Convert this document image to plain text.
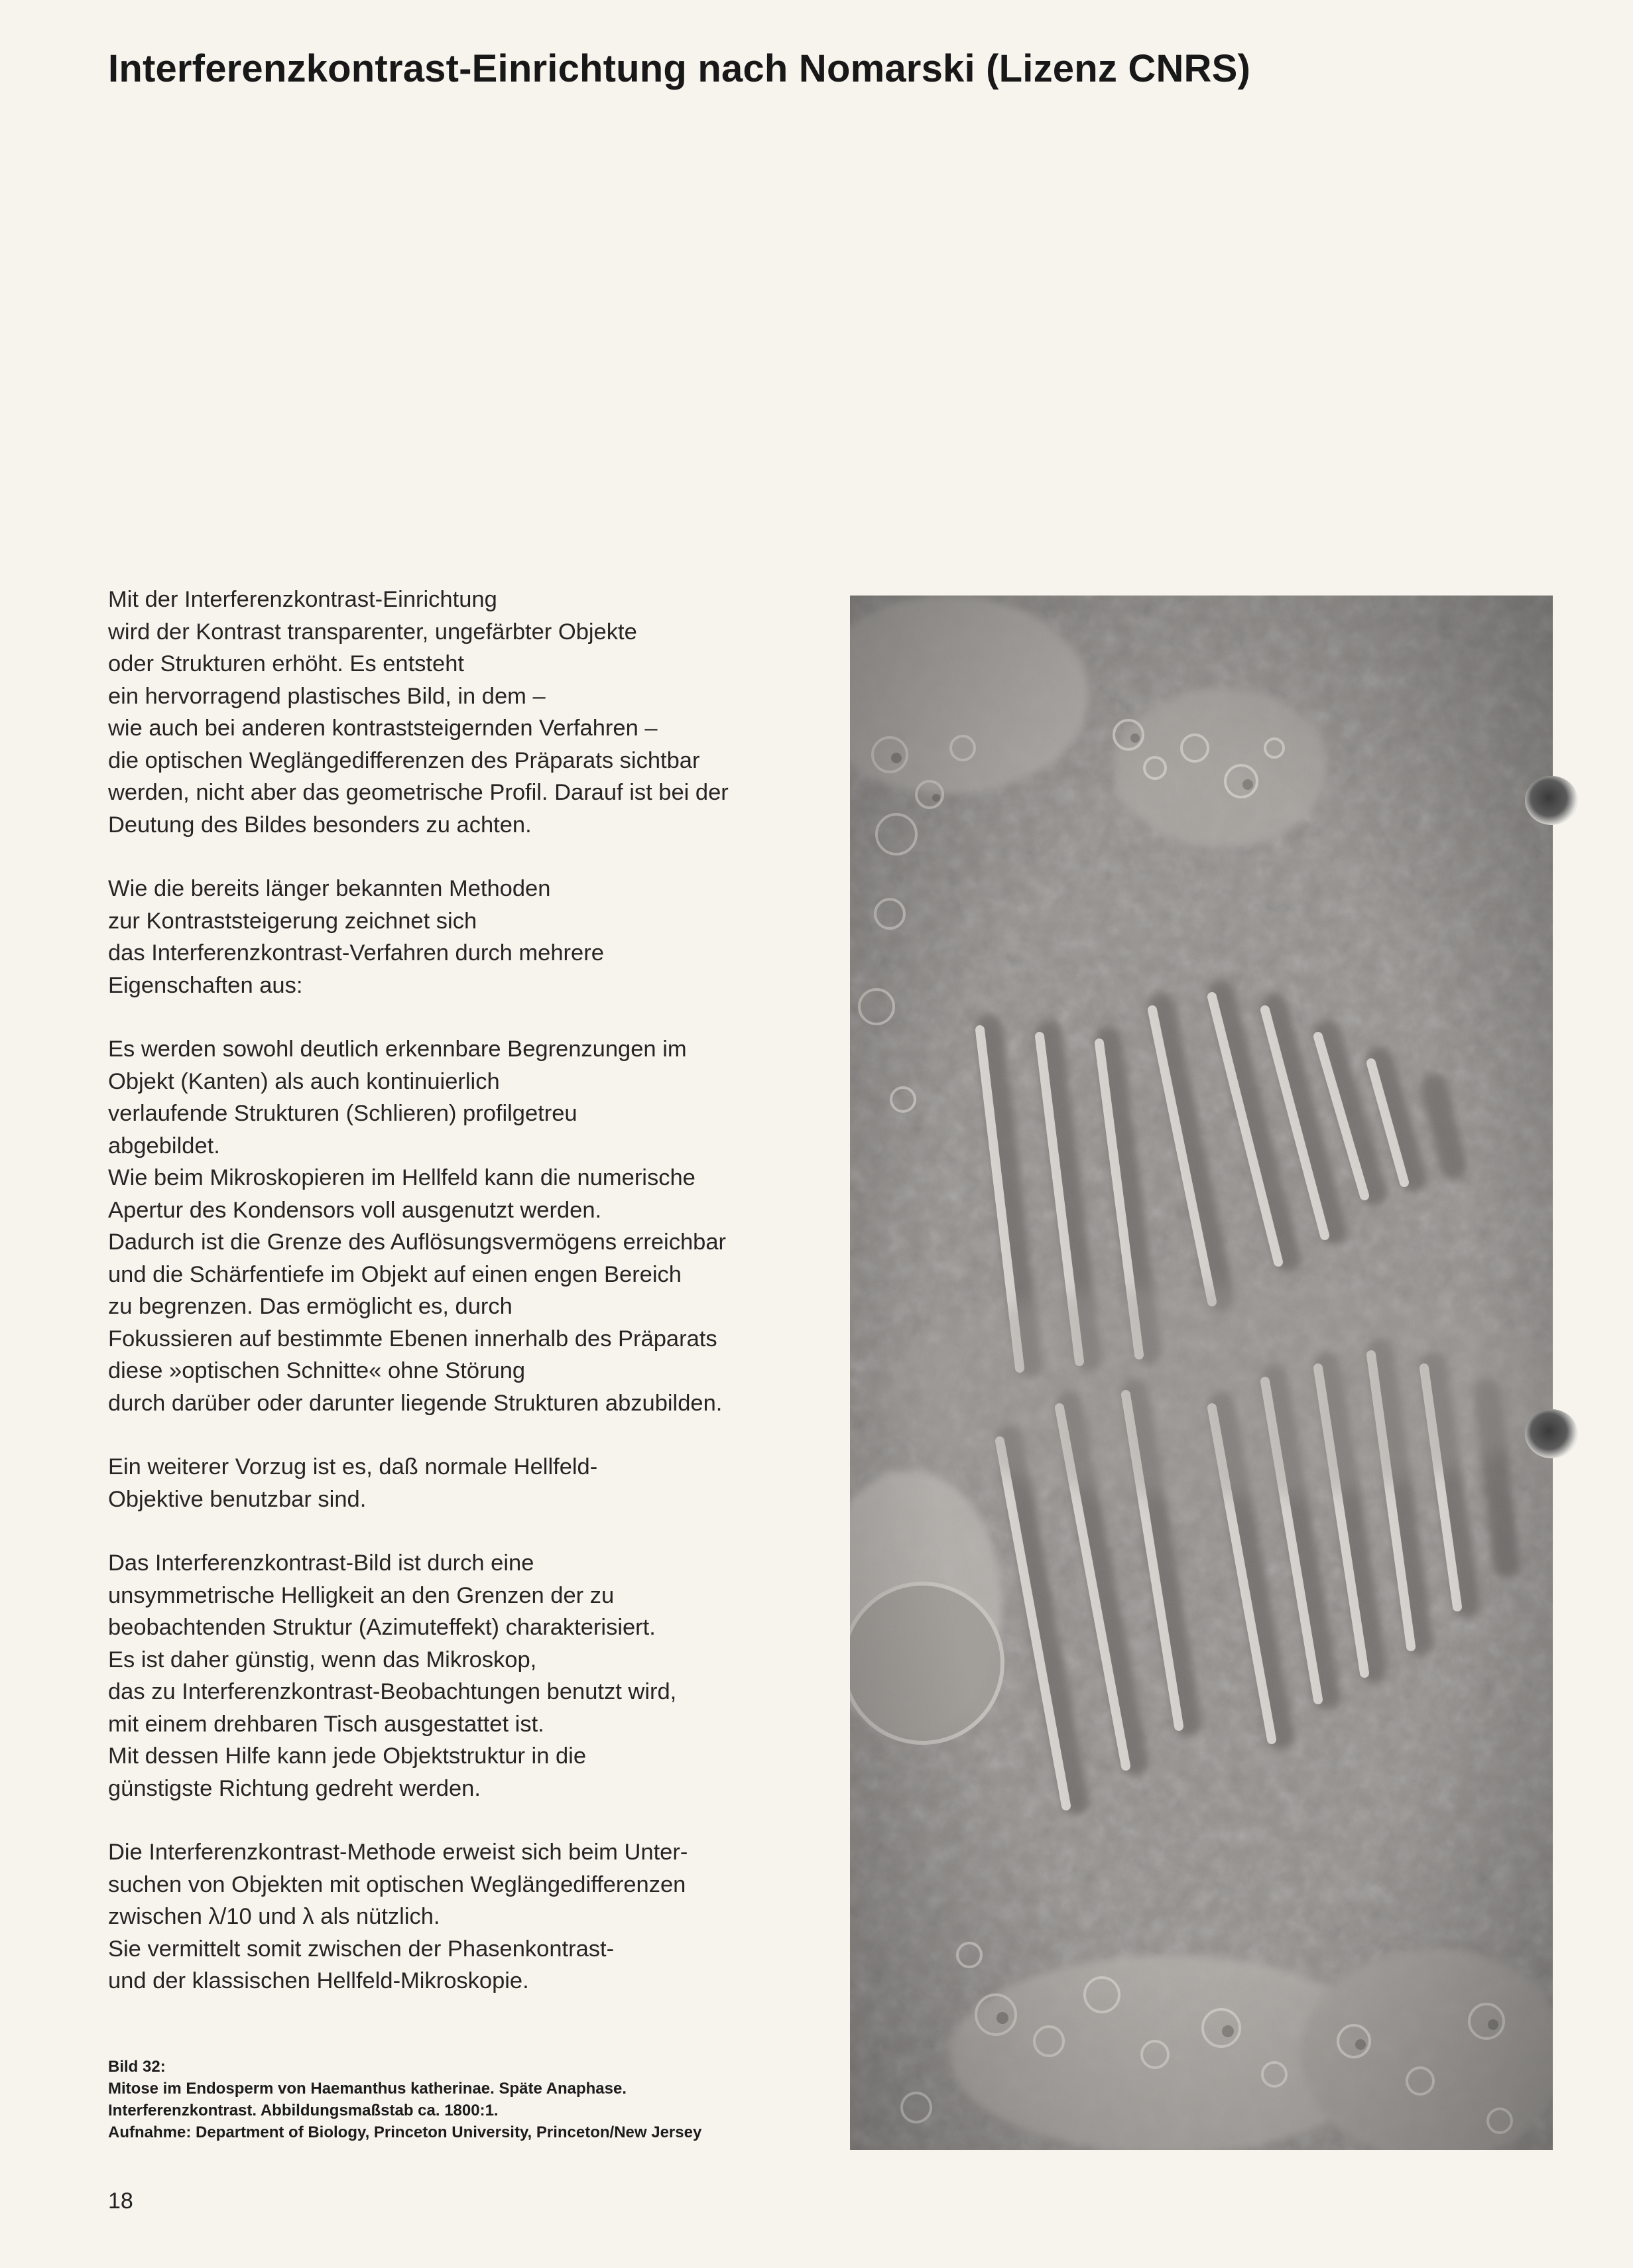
Interferenzkontrast-Einrichtung nach Nomarski (Lizenz CNRS)

Mit der Interferenzkontrast-Einrichtung
wird der Kontrast transparenter, ungefärbter Objekte
oder Strukturen erhöht. Es entsteht
ein hervorragend plastisches Bild, in dem –
wie auch bei anderen kontraststeigernden Verfahren –
die optischen Weglängedifferenzen des Präparats sichtbar
werden, nicht aber das geometrische Profil. Darauf ist bei der
Deutung des Bildes besonders zu achten.

Wie die bereits länger bekannten Methoden
zur Kontraststeigerung zeichnet sich
das Interferenzkontrast-Verfahren durch mehrere
Eigenschaften aus:

Es werden sowohl deutlich erkennbare Begrenzungen im
Objekt (Kanten) als auch kontinuierlich
verlaufende Strukturen (Schlieren) profilgetreu
abgebildet.
Wie beim Mikroskopieren im Hellfeld kann die numerische
Apertur des Kondensors voll ausgenutzt werden.
Dadurch ist die Grenze des Auflösungsvermögens erreichbar
und die Schärfentiefe im Objekt auf einen engen Bereich
zu begrenzen. Das ermöglicht es, durch
Fokussieren auf bestimmte Ebenen innerhalb des Präparats
diese »optischen Schnitte« ohne Störung
durch darüber oder darunter liegende Strukturen abzubilden.

Ein weiterer Vorzug ist es, daß normale Hellfeld-
Objektive benutzbar sind.

Das Interferenzkontrast-Bild ist durch eine
unsymmetrische Helligkeit an den Grenzen der zu
beobachtenden Struktur (Azimuteffekt) charakterisiert.
Es ist daher günstig, wenn das Mikroskop,
das zu Interferenzkontrast-Beobachtungen benutzt wird,
mit einem drehbaren Tisch ausgestattet ist.
Mit dessen Hilfe kann jede Objektstruktur in die
günstigste Richtung gedreht werden.

Die Interferenzkontrast-Methode erweist sich beim Unter-
suchen von Objekten mit optischen Weglängedifferenzen
zwischen λ/10 und λ als nützlich.
Sie vermittelt somit zwischen der Phasenkontrast-
und der klassischen Hellfeld-Mikroskopie.

Bild 32:
Mitose im Endosperm von Haemanthus katherinae. Späte Anaphase.
Interferenzkontrast. Abbildungsmaßstab ca. 1800:1.
Aufnahme: Department of Biology, Princeton University, Princeton/New Jersey
18
